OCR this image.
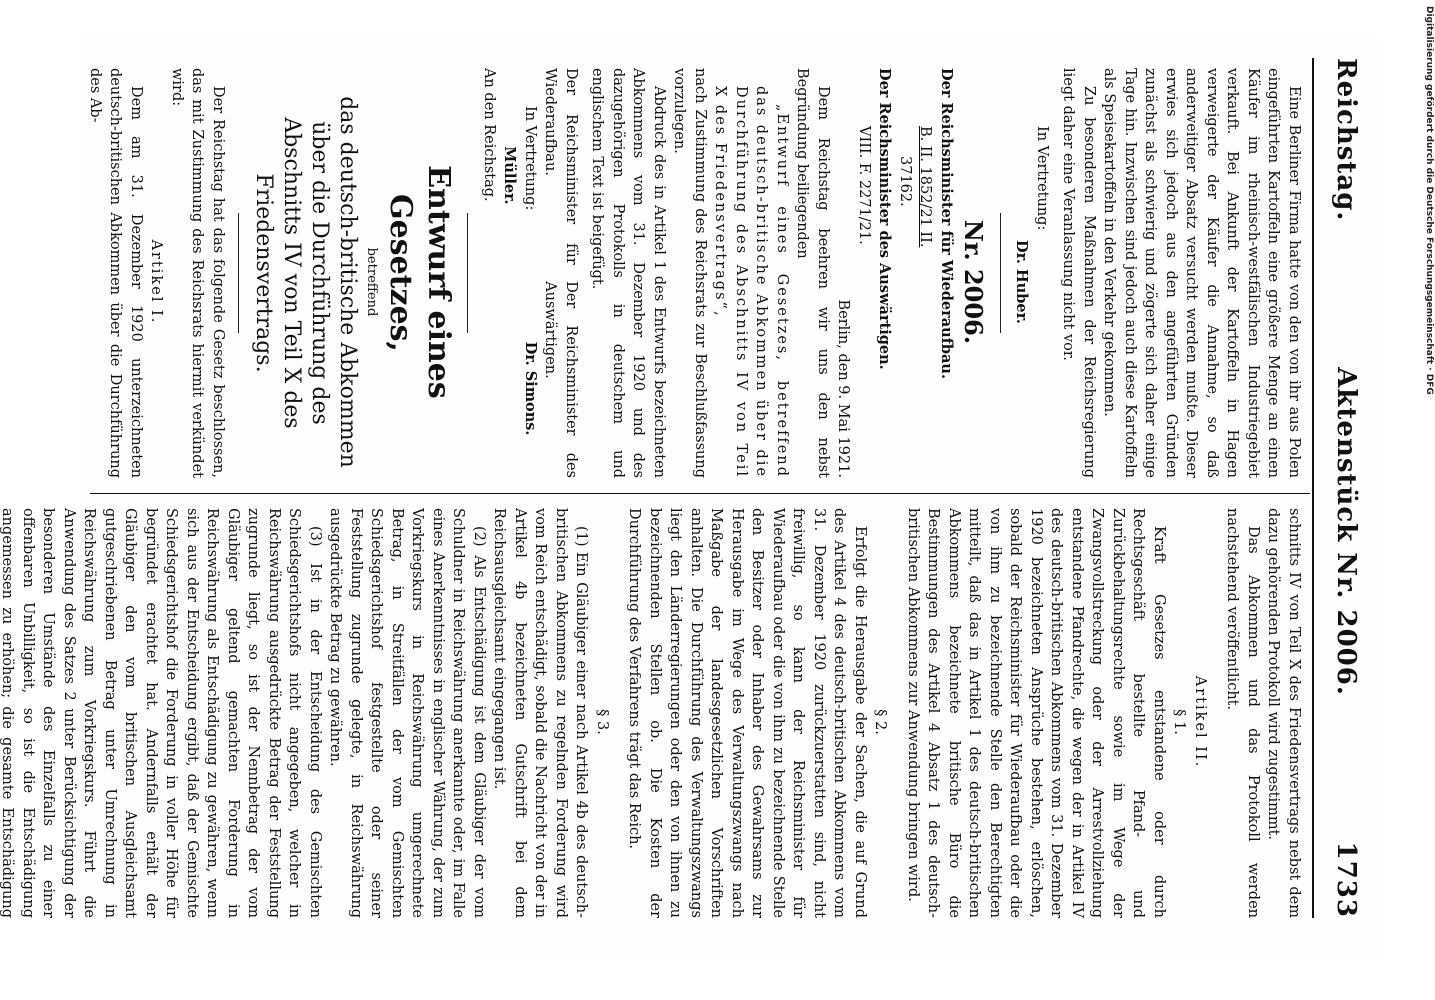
Reichstag.
Aktenstück Nr. 2006.
1733

Eine Berliner Firma hatte von den von ihr aus Polen eingeführten Kartoffeln eine größere Menge an einen Käufer im rheinisch-westfälischen Industriegebiet verkauft. Bei Ankunft der Kartoffeln in Hagen verweigerte der Käufer die Annahme, so daß anderweitiger Absatz versucht werden mußte. Dieser erwies sich jedoch aus den angeführten Gründen zunächst als schwierig und zögerte sich daher einige Tage hin. Inzwischen sind jedoch auch diese Kartoffeln als Speisekartoffeln in den Verkehr gekommen.

Zu besonderen Maßnahmen der Reichsregierung liegt daher eine Veranlassung nicht vor.

In Vertretung:

Dr. Huber.

Nr. 2006.

Der Reichsminister für Wiederaufbau.

B. II. 1852/21 II.

37162.

Der Reichsminister des Auswärtigen.

VIII. F. 2271/21.

Berlin, den 9. Mai 1921.

Dem Reichstag beehren wir uns den nebst Begründung beiliegenden

„Entwurf eines Gesetzes, betreffend das deutsch-britische Abkommen über die Durchführung des Abschnitts IV von Teil X des Friedensvertrags“,

nach Zustimmung des Reichsrats zur Beschlußfassung vorzulegen.

Abdruck des in Artikel 1 des Entwurfs bezeichneten Abkommens vom 31. Dezember 1920 und des dazugehörigen Protokolls in deutschem und englischem Text ist beigefügt.

Der Reichsminister für Wiederaufbau.

In Vertretung:

Müller.

Der Reichsminister des Auswärtigen.

Dr. Simons.

An den Reichstag.

Entwurf eines Gesetzes,

betreffend

das deutsch-britische Abkommen über die Durchführung des Abschnitts IV von Teil X des Friedensvertrags.

Der Reichstag hat das folgende Gesetz beschlossen, das mit Zustimmung des Reichsrats hiermit verkündet wird:

Artikel I.

Dem am 31. Dezember 1920 unterzeichneten deutsch-britischen Abkommen über die Durchführung des Ab-

schnitts IV von Teil X des Friedensvertrags nebst dem dazu gehörenden Protokoll wird zugestimmt.

Das Abkommen und das Protokoll werden nachstehend veröffentlicht.

Artikel II.

§ 1.

Kraft Gesetzes entstandene oder durch Rechtsgeschäft bestellte Pfand- und Zurückbehaltungsrechte sowie im Wege der Zwangsvollstreckung oder der Arrestvollziehung entstandene Pfandrechte, die wegen der in Artikel IV des deutsch-britischen Abkommens vom 31. Dezember 1920 bezeichneten Ansprüche bestehen, erlöschen, sobald der Reichsminister für Wiederaufbau oder die von ihm zu bezeichnende Stelle den Berechtigten mitteilt, daß das in Artikel 1 des deutsch-britischen Abkommens bezeichnete britische Büro die Bestimmungen des Artikel 4 Absatz 1 des deutsch-britischen Abkommens zur Anwendung bringen wird.

§ 2.

Erfolgt die Herausgabe der Sachen, die auf Grund des Artikel 4 des deutsch-britischen Abkommens vom 31. Dezember 1920 zurückzuerstatten sind, nicht freiwillig, so kann der Reichsminister für Wiederaufbau oder die von ihm zu bezeichnende Stelle den Besitzer oder Inhaber des Gewahrsams zur Herausgabe im Wege des Verwaltungszwangs nach Maßgabe der landesgesetzlichen Vorschriften anhalten. Die Durchführung des Verwaltungszwangs liegt den Länderregierungen oder den von ihnen zu bezeichnenden Stellen ob. Die Kosten der Durchführung des Verfahrens trägt das Reich.

§ 3.

(1) Ein Gläubiger einer nach Artikel 4b des deutsch-britischen Abkommens zu regelnden Forderung wird vom Reich entschädigt, sobald die Nachricht von der in Artikel 4b bezeichneten Gutschrift bei dem Reichsausgleichsamt eingegangen ist.

(2) Als Entschädigung ist dem Gläubiger der vom Schuldner in Reichswährung anerkannte oder, im Falle eines Anerkenntnisses in englischer Währung, der zum Vorkriegskurs in Reichswährung umgerechnete Betrag, in Streitfällen der vom Gemischten Schiedsgerichtshof festgestellte oder seiner Feststellung zugrunde gelegte, in Reichswährung ausgedrückte Betrag zu gewähren.

(3) Ist in der Entscheidung des Gemischten Schiedsgerichtshofs nicht angegeben, welcher in Reichswährung ausgedrückte Betrag der Feststellung zugrunde liegt, so ist der Nennbetrag der vom Gläubiger geltend gemachten Forderung in Reichswährung als Entschädigung zu gewähren, wenn sich aus der Entscheidung ergibt, daß der Gemischte Schiedsgerichtshof die Forderung in voller Höhe für begründet erachtet hat. Andernfalls erhält der Gläubiger den vom britischen Ausgleichsamt gutgeschriebenen Betrag unter Umrechnung in Reichswährung zum Vorkriegskurs. Führt die Anwendung des Satzes 2 unter Berücksichtigung der besonderen Umstände des Einzelfalls zu einer offenbaren Unbilligkeit, so ist die Entschädigung angemessen zu erhöhen; die gesamte Entschädigung

Digitalisierung gefördert durch die Deutsche Forschungsgemeinschaft · DFG
